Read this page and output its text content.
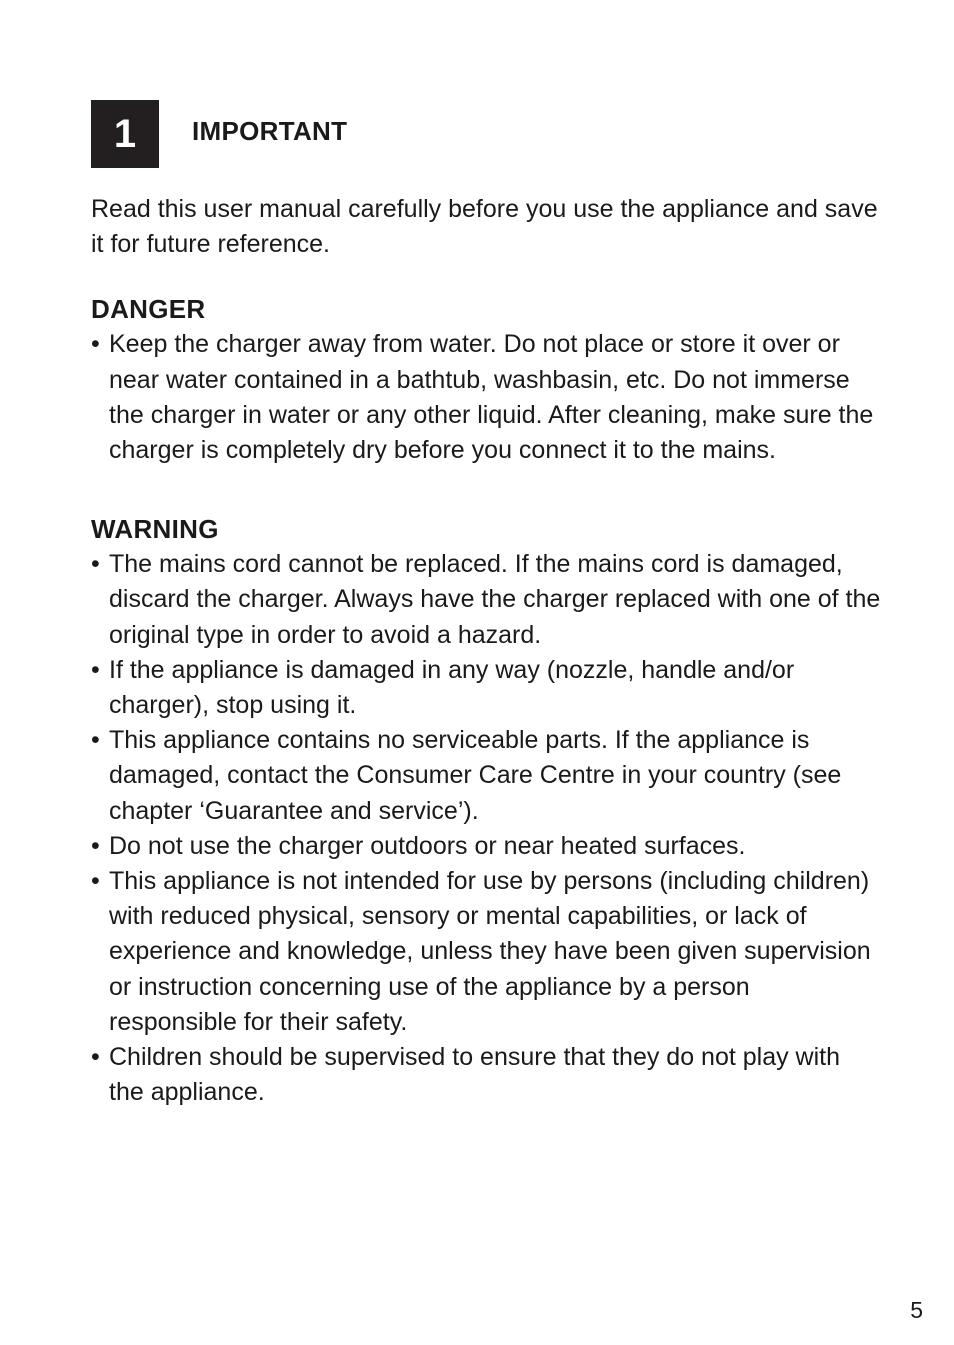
1	IMPORTANT

Read this user manual carefully before you use the appliance and save it for future reference.

DANGER
• Keep the charger away from water. Do not place or store it over or near water contained in a bathtub, washbasin, etc. Do not immerse the charger in water or any other liquid. After cleaning, make sure the charger is completely dry before you connect it to the mains.
WARNING
• The mains cord cannot be replaced. If the mains cord is damaged, discard the charger. Always have the charger replaced with one of the original type in order to avoid a hazard.
• If the appliance is damaged in any way (nozzle, handle and/or charger), stop using it.
• This appliance contains no serviceable parts. If the appliance is damaged, contact the Consumer Care Centre in your country (see chapter ‘Guarantee and service’).
• Do not use the charger outdoors or near heated surfaces.
• This appliance is not intended for use by persons (including children) with reduced physical, sensory or mental capabilities, or lack of experience and knowledge, unless they have been given supervision or instruction concerning use of the appliance by a person responsible for their safety.
• Children should be supervised to ensure that they do not play with the appliance.
5
